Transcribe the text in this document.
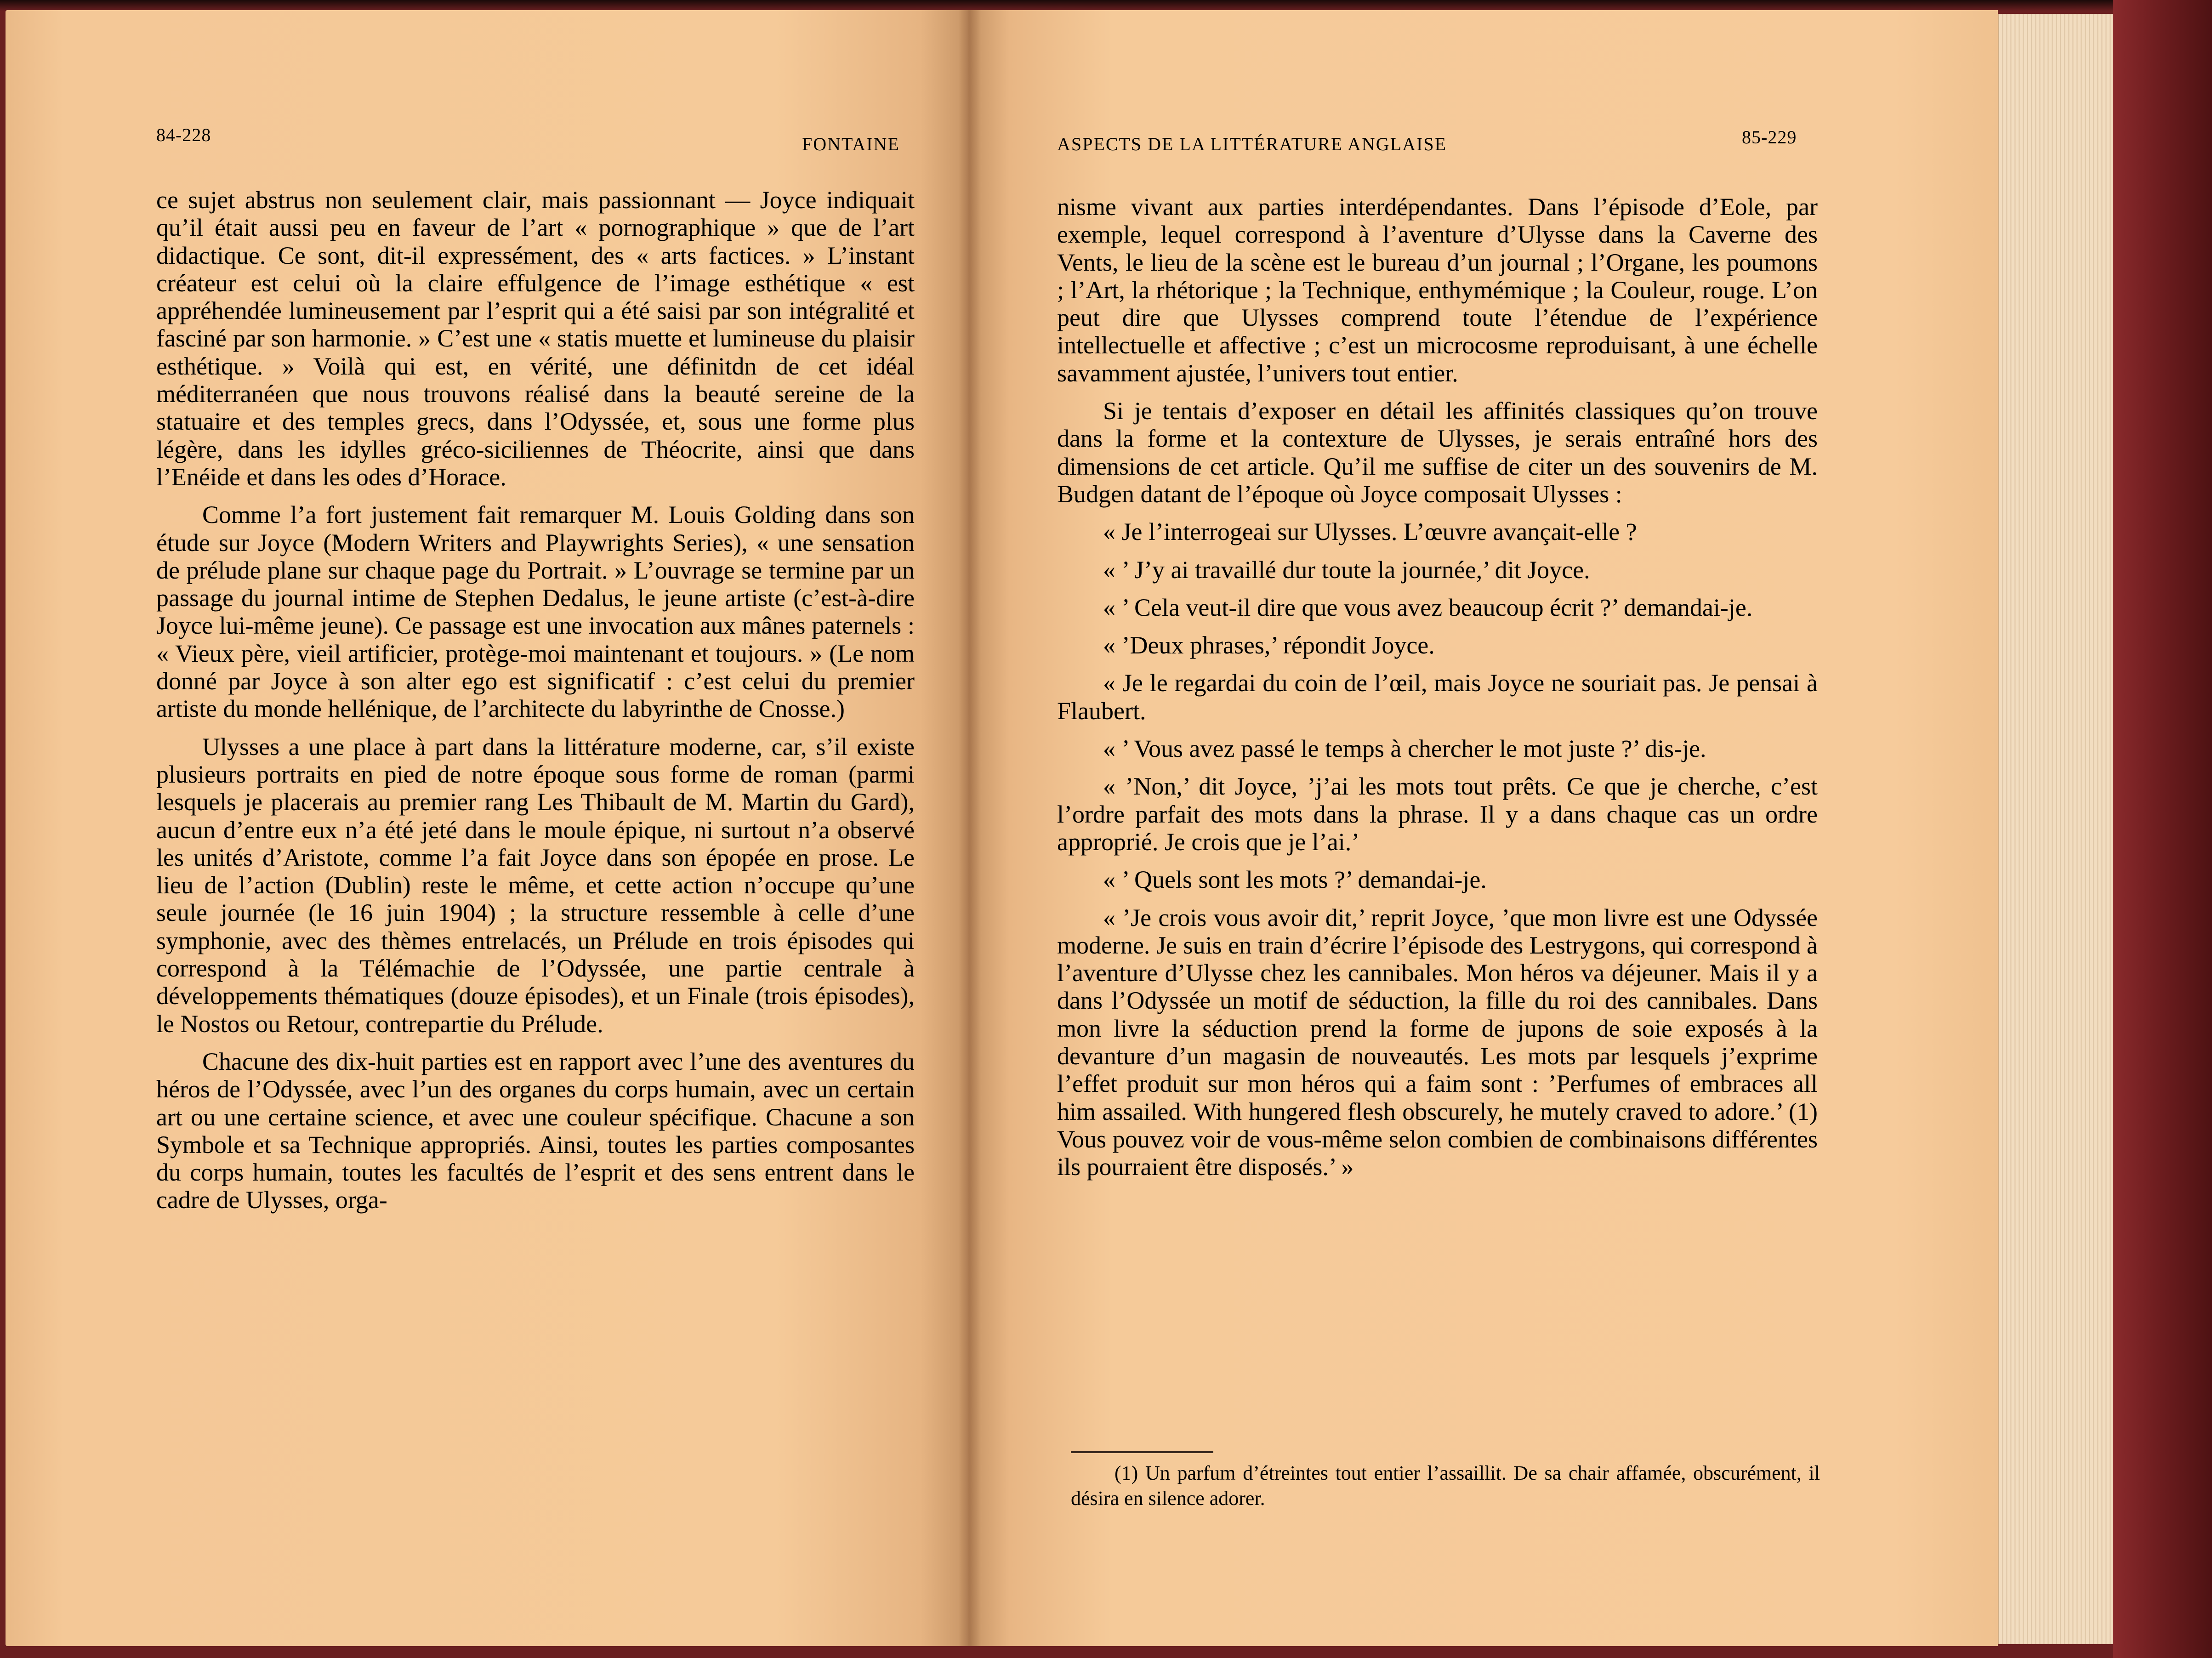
84-228	FONTAINE

ce sujet abstrus non seulement clair, mais passionnant — Joyce indiquait qu’il était aussi peu en faveur de l’art « pornographique » que de l’art didactique. Ce sont, dit-il expressément, des « arts factices. » L’instant créateur est celui où la claire effulgence de l’image esthétique « est appréhendée lumineusement par l’esprit qui a été saisi par son intégralité et fasciné par son harmonie. » C’est une « statis muette et lumineuse du plaisir esthétique. » Voilà qui est, en vérité, une définitdn de cet idéal méditerranéen que nous trouvons réalisé dans la beauté sereine de la statuaire et des temples grecs, dans l’Odyssée, et, sous une forme plus légère, dans les idylles gréco-siciliennes de Théocrite, ainsi que dans l’Enéide et dans les odes d’Horace.

Comme l’a fort justement fait remarquer M. Louis Golding dans son étude sur Joyce (Modern Writers and Playwrights Series), « une sensation de prélude plane sur chaque page du Portrait. » L’ouvrage se termine par un passage du journal intime de Stephen Dedalus, le jeune artiste (c’est-à-dire Joyce lui-même jeune). Ce passage est une invocation aux mânes paternels : « Vieux père, vieil artificier, protège-moi maintenant et toujours. » (Le nom donné par Joyce à son alter ego est significatif : c’est celui du premier artiste du monde hellénique, de l’architecte du labyrinthe de Cnosse.)

Ulysses a une place à part dans la littérature moderne, car, s’il existe plusieurs portraits en pied de notre époque sous forme de roman (parmi lesquels je placerais au premier rang Les Thibault de M. Martin du Gard), aucun d’entre eux n’a été jeté dans le moule épique, ni surtout n’a observé les unités d’Aristote, comme l’a fait Joyce dans son épopée en prose. Le lieu de l’action (Dublin) reste le même, et cette action n’occupe qu’une seule journée (le 16 juin 1904) ; la structure ressemble à celle d’une symphonie, avec des thèmes entrelacés, un Prélude en trois épisodes qui correspond à la Télémachie de l’Odyssée, une partie centrale à développements thématiques (douze épisodes), et un Finale (trois épisodes), le Nostos ou Retour, contrepartie du Prélude.

Chacune des dix-huit parties est en rapport avec l’une des aventures du héros de l’Odyssée, avec l’un des organes du corps humain, avec un certain art ou une certaine science, et avec une couleur spécifique. Chacune a son Symbole et sa Technique appropriés. Ainsi, toutes les parties composantes du corps humain, toutes les facultés de l’esprit et des sens entrent dans le cadre de Ulysses, orga-

ASPECTS DE LA LITTÉRATURE ANGLAISE	85-229

nisme vivant aux parties interdépendantes. Dans l’épisode d’Eole, par exemple, lequel correspond à l’aventure d’Ulysse dans la Caverne des Vents, le lieu de la scène est le bureau d’un journal ; l’Organe, les poumons ; l’Art, la rhétorique ; la Technique, enthymémique ; la Couleur, rouge. L’on peut dire que Ulysses comprend toute l’étendue de l’expérience intellectuelle et affective ; c’est un microcosme reproduisant, à une échelle savamment ajustée, l’univers tout entier.

Si je tentais d’exposer en détail les affinités classiques qu’on trouve dans la forme et la contexture de Ulysses, je serais entraîné hors des dimensions de cet article. Qu’il me suffise de citer un des souvenirs de M. Budgen datant de l’époque où Joyce composait Ulysses :

« Je l’interrogeai sur Ulysses. L’œuvre avançait-elle ?

« ’ J’y ai travaillé dur toute la journée,’ dit Joyce.

« ’ Cela veut-il dire que vous avez beaucoup écrit ?’ demandai-je.

« ’Deux phrases,’ répondit Joyce.

« Je le regardai du coin de l’œil, mais Joyce ne souriait pas. Je pensai à Flaubert.

« ’ Vous avez passé le temps à chercher le mot juste ?’ dis-je.

« ’Non,’ dit Joyce, ’j’ai les mots tout prêts. Ce que je cherche, c’est l’ordre parfait des mots dans la phrase. Il y a dans chaque cas un ordre approprié. Je crois que je l’ai.’

« ’ Quels sont les mots ?’ demandai-je.

« ’Je crois vous avoir dit,’ reprit Joyce, ’que mon livre est une Odyssée moderne. Je suis en train d’écrire l’épisode des Lestrygons, qui correspond à l’aventure d’Ulysse chez les cannibales. Mon héros va déjeuner. Mais il y a dans l’Odyssée un motif de séduction, la fille du roi des cannibales. Dans mon livre la séduction prend la forme de jupons de soie exposés à la devanture d’un magasin de nouveautés. Les mots par lesquels j’exprime l’effet produit sur mon héros qui a faim sont : ’Perfumes of embraces all him assailed. With hungered flesh obscurely, he mutely craved to adore.’ (1) Vous pouvez voir de vous-même selon combien de combinaisons différentes ils pourraient être disposés.’ »

(1) Un parfum d’étreintes tout entier l’assaillit. De sa chair affamée, obscurément, il désira en silence adorer.
